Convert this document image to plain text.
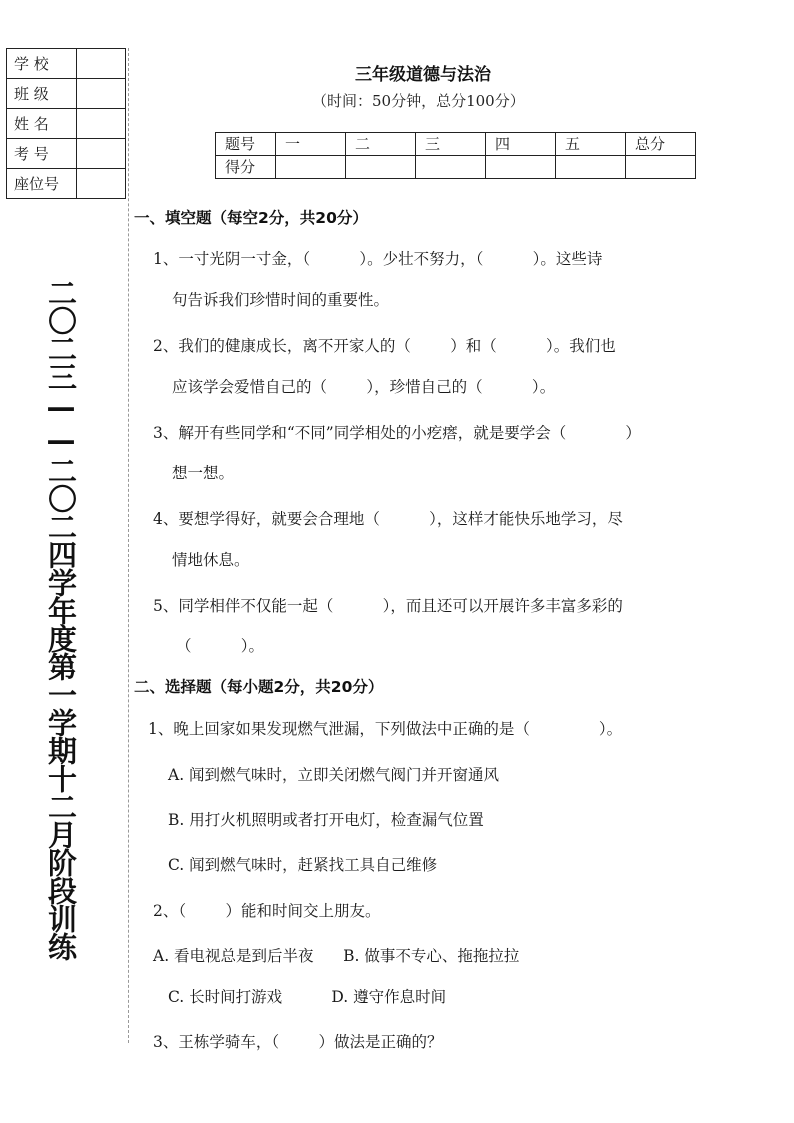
学 校	
班 级	
姓 名	
考 号	
座位号	
二〇二三——二〇二四学年度第一学期十二月阶段训练
三年级道德与法治
（时间：50分钟，总分100分）
题号	一	二	三	四	五	总分
得分						
一、填空题（每空2分，共20分）
1、一寸光阴一寸金，（          ）。少壮不努力，（          ）。这些诗
句告诉我们珍惜时间的重要性。
2、我们的健康成长，离不开家人的（        ）和（          ）。我们也
应该学会爱惜自己的（        ），珍惜自己的（          ）。
3、解开有些同学和“不同”同学相处的小疙瘩，就是要学会（            ）
想一想。
4、要想学得好，就要会合理地（          ），这样才能快乐地学习，尽
情地休息。
5、同学相伴不仅能一起（          ），而且还可以开展许多丰富多彩的
（          ）。
二、选择题（每小题2分，共20分）
1、晚上回家如果发现燃气泄漏，下列做法中正确的是（              ）。
A. 闻到燃气味时，立即关闭燃气阀门并开窗通风
B. 用打火机照明或者打开电灯，检查漏气位置
C. 闻到燃气味时，赶紧找工具自己维修
2、（        ）能和时间交上朋友。
A. 看电视总是到后半夜      B. 做事不专心、拖拖拉拉
C. 长时间打游戏          D. 遵守作息时间
3、王栋学骑车，（        ）做法是正确的？
